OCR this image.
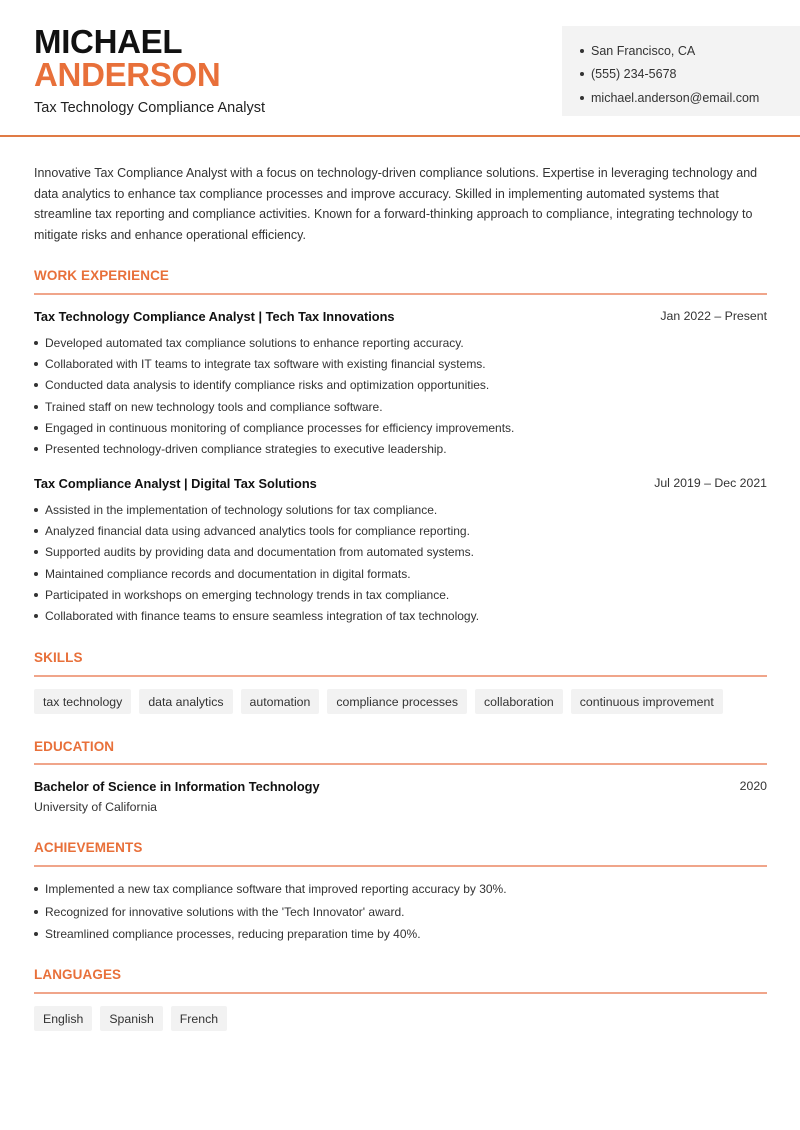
MICHAEL
ANDERSON
Tax Technology Compliance Analyst
San Francisco, CA
(555) 234-5678
michael.anderson@email.com

Innovative Tax Compliance Analyst with a focus on technology-driven compliance solutions. Expertise in leveraging technology and data analytics to enhance tax compliance processes and improve accuracy. Skilled in implementing automated systems that streamline tax reporting and compliance activities. Known for a forward-thinking approach to compliance, integrating technology to mitigate risks and enhance operational efficiency.

WORK EXPERIENCE
Tax Technology Compliance Analyst | Tech Tax Innovations	Jan 2022 – Present
Developed automated tax compliance solutions to enhance reporting accuracy.
Collaborated with IT teams to integrate tax software with existing financial systems.
Conducted data analysis to identify compliance risks and optimization opportunities.
Trained staff on new technology tools and compliance software.
Engaged in continuous monitoring of compliance processes for efficiency improvements.
Presented technology-driven compliance strategies to executive leadership.
Tax Compliance Analyst | Digital Tax Solutions	Jul 2019 – Dec 2021
Assisted in the implementation of technology solutions for tax compliance.
Analyzed financial data using advanced analytics tools for compliance reporting.
Supported audits by providing data and documentation from automated systems.
Maintained compliance records and documentation in digital formats.
Participated in workshops on emerging technology trends in tax compliance.
Collaborated with finance teams to ensure seamless integration of tax technology.
SKILLS
tax technology	data analytics	automation	compliance processes	collaboration	continuous improvement
EDUCATION
Bachelor of Science in Information Technology	2020
University of California
ACHIEVEMENTS
Implemented a new tax compliance software that improved reporting accuracy by 30%.
Recognized for innovative solutions with the 'Tech Innovator' award.
Streamlined compliance processes, reducing preparation time by 40%.
LANGUAGES
English	Spanish	French
